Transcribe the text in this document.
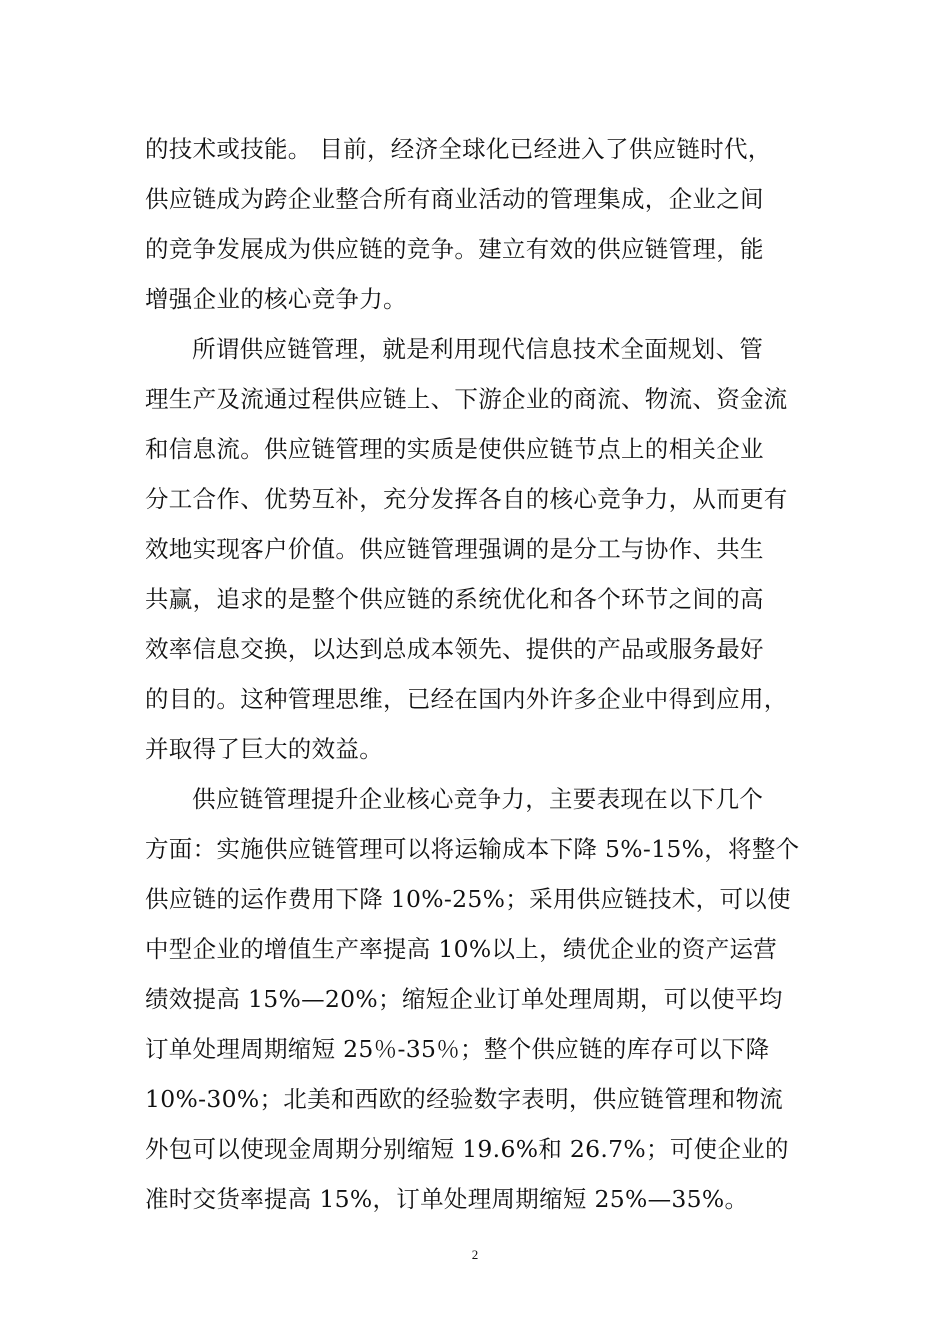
的技术或技能。 目前，经济全球化已经进入了供应链时代，
供应链成为跨企业整合所有商业活动的管理集成，企业之间
的竞争发展成为供应链的竞争。建立有效的供应链管理，能
增强企业的核心竞争力。
所谓供应链管理，就是利用现代信息技术全面规划、管
理生产及流通过程供应链上、下游企业的商流、物流、资金流
和信息流。供应链管理的实质是使供应链节点上的相关企业
分工合作、优势互补，充分发挥各自的核心竞争力，从而更有
效地实现客户价值。供应链管理强调的是分工与协作、共生
共赢，追求的是整个供应链的系统优化和各个环节之间的高
效率信息交换，以达到总成本领先、提供的产品或服务最好
的目的。这种管理思维，已经在国内外许多企业中得到应用，
并取得了巨大的效益。
供应链管理提升企业核心竞争力，主要表现在以下几个
方面：实施供应链管理可以将运输成本下降 5%-15%，将整个
供应链的运作费用下降 10%-25%；采用供应链技术，可以使
中型企业的增值生产率提高 10%以上，绩优企业的资产运营
绩效提高 15%—20%；缩短企业订单处理周期，可以使平均
订单处理周期缩短 25％-35％；整个供应链的库存可以下降
10%-30%；北美和西欧的经验数字表明，供应链管理和物流
外包可以使现金周期分别缩短 19.6%和 26.7%；可使企业的
准时交货率提高 15%，订单处理周期缩短 25%—35%。
2
